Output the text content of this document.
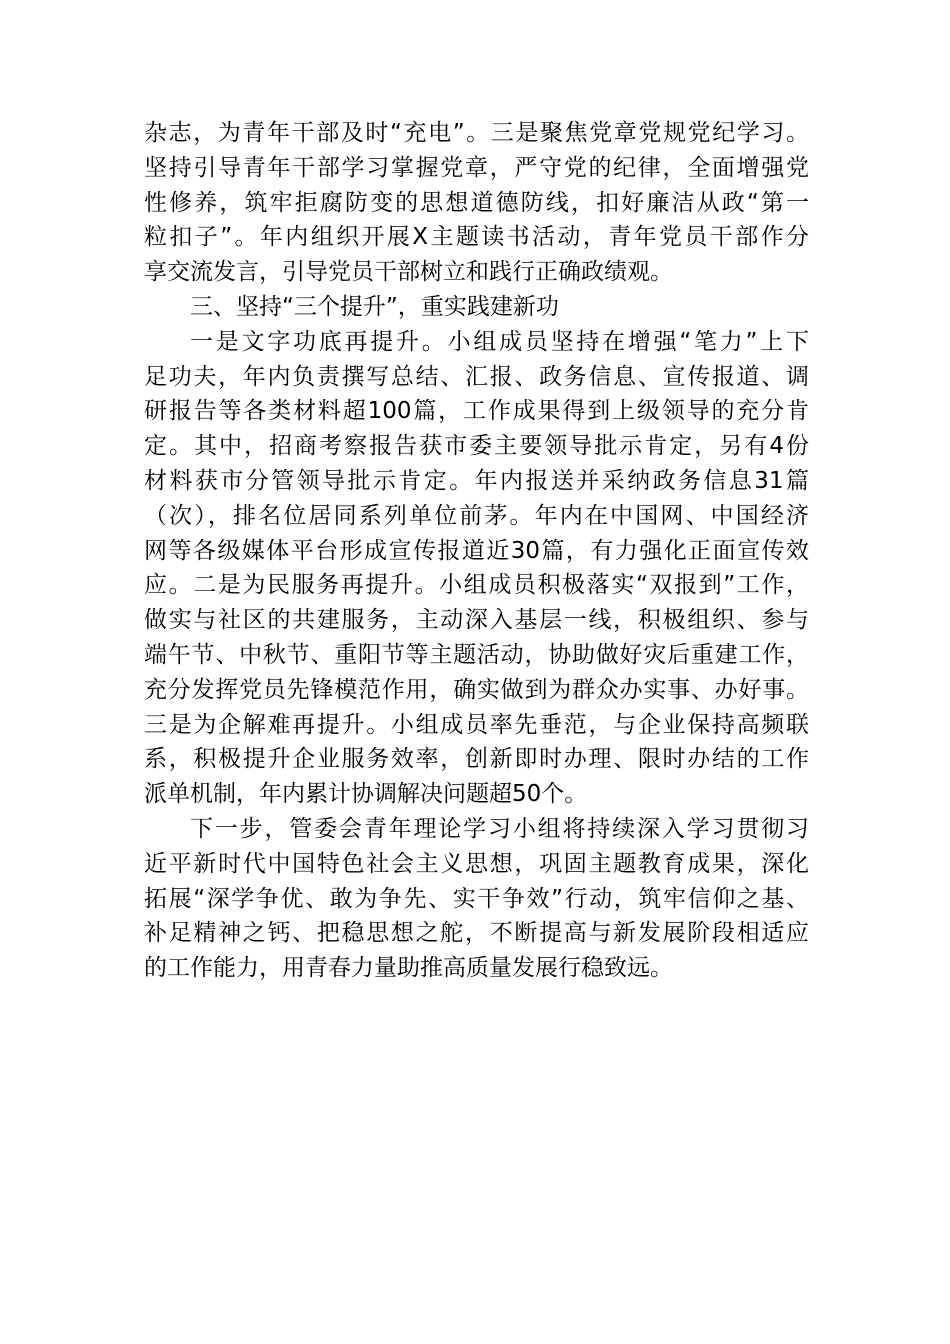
杂志，为青年干部及时“充电”。三是聚焦党章党规党纪学习。
坚持引导青年干部学习掌握党章，严守党的纪律，全面增强党
性修养，筑牢拒腐防变的思想道德防线，扣好廉洁从政“第一
粒扣子”。年内组织开展X主题读书活动，青年党员干部作分
享交流发言，引导党员干部树立和践行正确政绩观。
三、坚持“三个提升”，重实践建新功
一是文字功底再提升。小组成员坚持在增强“笔力”上下
足功夫，年内负责撰写总结、汇报、政务信息、宣传报道、调
研报告等各类材料超100篇，工作成果得到上级领导的充分肯
定。其中，招商考察报告获市委主要领导批示肯定，另有4份
材料获市分管领导批示肯定。年内报送并采纳政务信息31篇
（次），排名位居同系列单位前茅。年内在中国网、中国经济
网等各级媒体平台形成宣传报道近30篇，有力强化正面宣传效
应。二是为民服务再提升。小组成员积极落实“双报到”工作，
做实与社区的共建服务，主动深入基层一线，积极组织、参与
端午节、中秋节、重阳节等主题活动，协助做好灾后重建工作，
充分发挥党员先锋模范作用，确实做到为群众办实事、办好事。
三是为企解难再提升。小组成员率先垂范，与企业保持高频联
系，积极提升企业服务效率，创新即时办理、限时办结的工作
派单机制，年内累计协调解决问题超50个。
下一步，管委会青年理论学习小组将持续深入学习贯彻习
近平新时代中国特色社会主义思想，巩固主题教育成果，深化
拓展“深学争优、敢为争先、实干争效”行动，筑牢信仰之基、
补足精神之钙、把稳思想之舵，不断提高与新发展阶段相适应
的工作能力，用青春力量助推高质量发展行稳致远。
